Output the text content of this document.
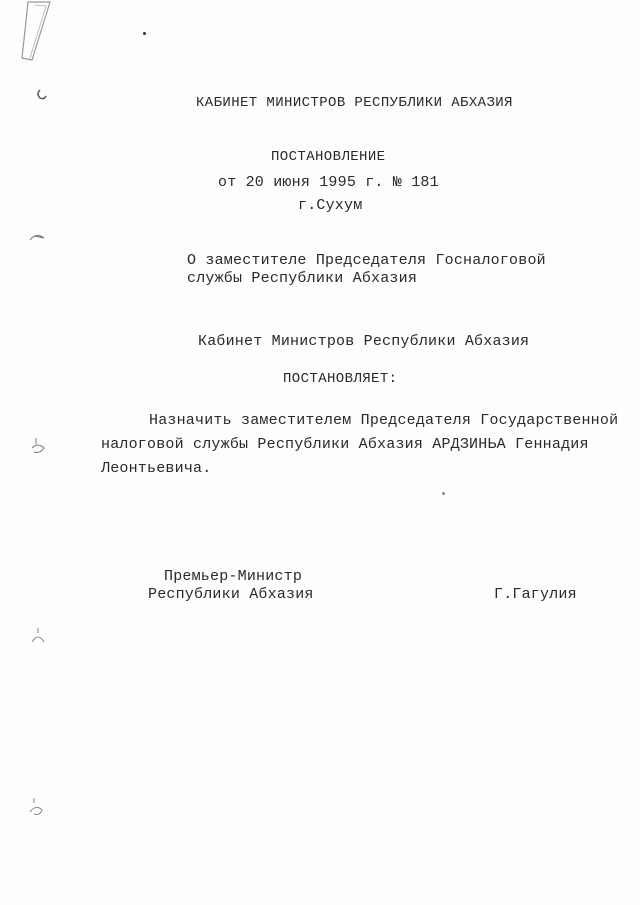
КАБИНЕТ МИНИСТРОВ РЕСПУБЛИКИ АБХАЗИЯ
ПОСТАНОВЛЕНИЕ
от 20 июня 1995 г. № 181
г.Сухум
О заместителе Председателя Госналоговой
службы Республики Абхазия
Кабинет Министров Республики Абхазия
ПОСТАНОВЛЯЕТ:
Назначить заместителем Председателя Государственной
налоговой службы Республики Абхазия АРДЗИНЬА Геннадия
Леонтьевича.
Премьер-Министр
Республики Абхазия	Г.Гагулия
